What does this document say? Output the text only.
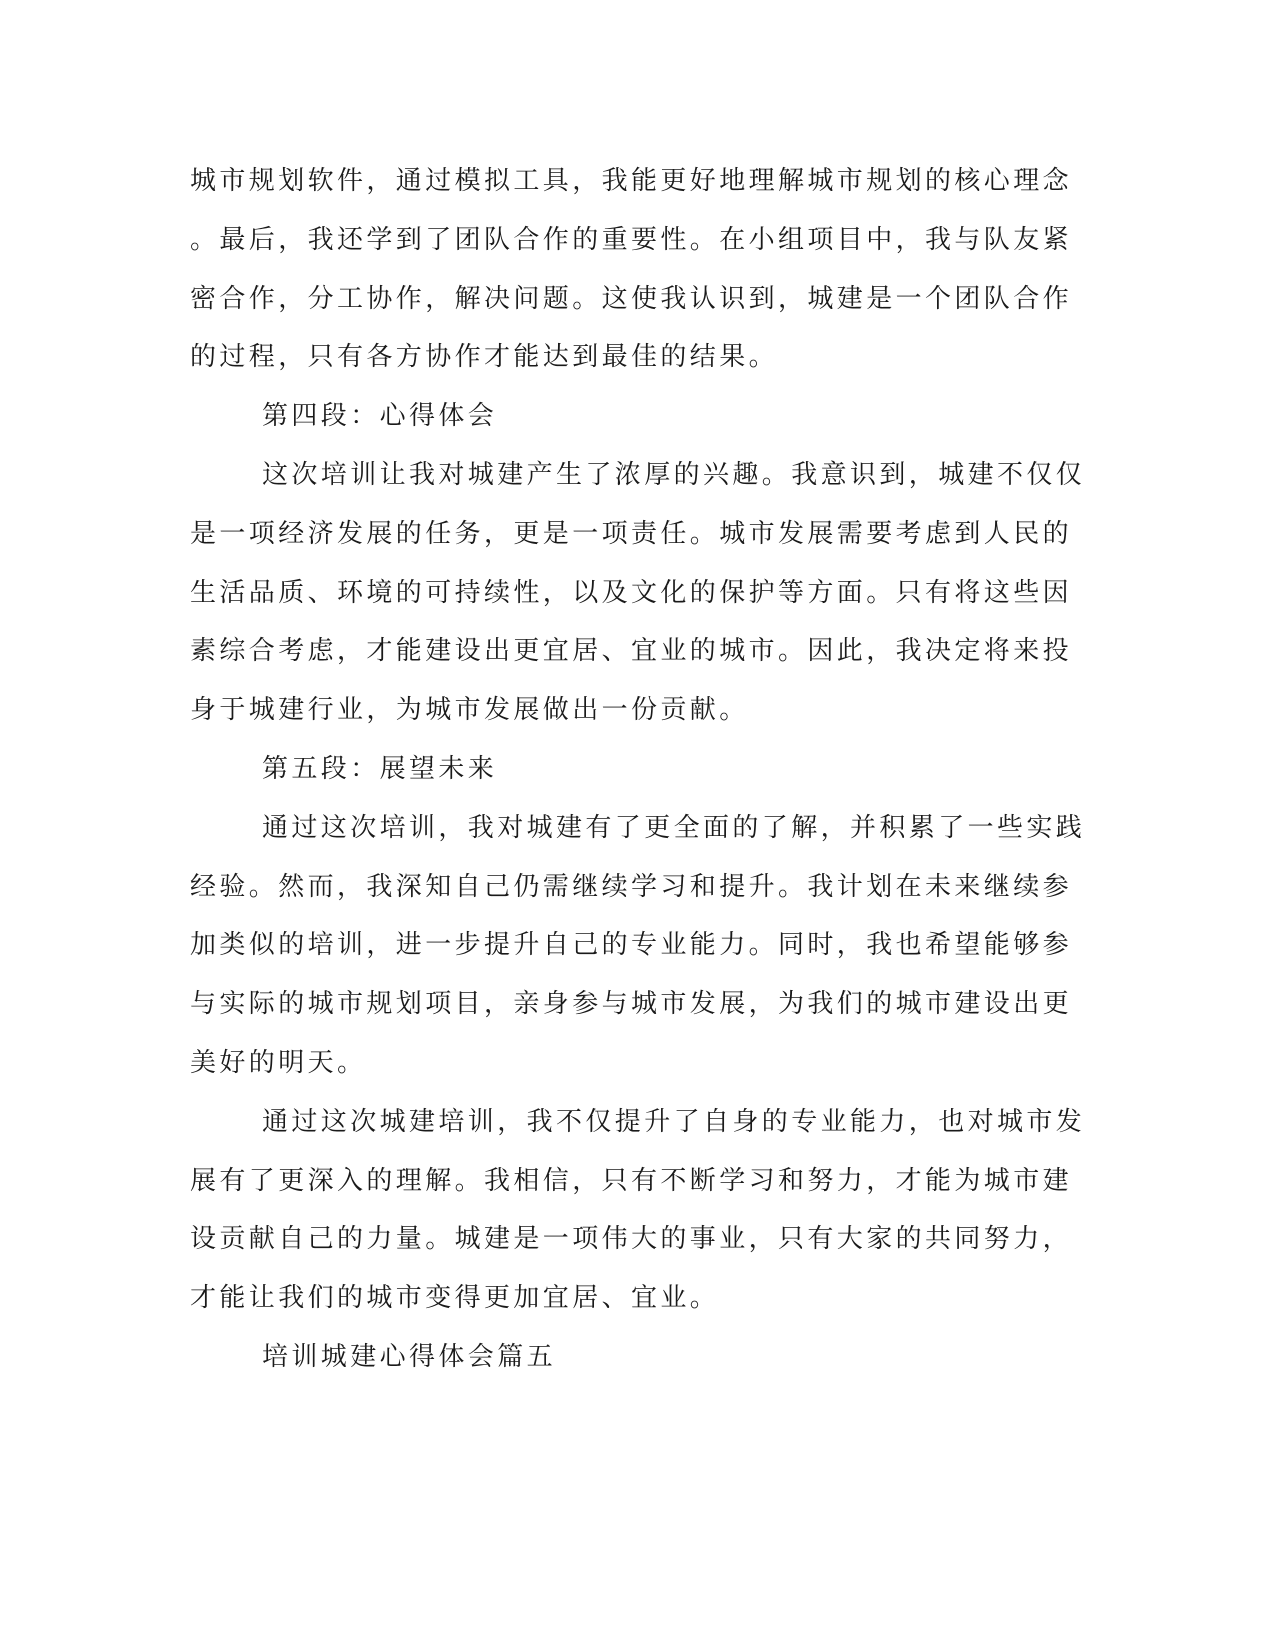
城市规划软件，通过模拟工具，我能更好地理解城市规划的核心理念

。最后，我还学到了团队合作的重要性。在小组项目中，我与队友紧

密合作，分工协作，解决问题。这使我认识到，城建是一个团队合作

的过程，只有各方协作才能达到最佳的结果。

第四段：心得体会

这次培训让我对城建产生了浓厚的兴趣。我意识到，城建不仅仅

是一项经济发展的任务，更是一项责任。城市发展需要考虑到人民的

生活品质、环境的可持续性，以及文化的保护等方面。只有将这些因

素综合考虑，才能建设出更宜居、宜业的城市。因此，我决定将来投

身于城建行业，为城市发展做出一份贡献。

第五段：展望未来

通过这次培训，我对城建有了更全面的了解，并积累了一些实践

经验。然而，我深知自己仍需继续学习和提升。我计划在未来继续参

加类似的培训，进一步提升自己的专业能力。同时，我也希望能够参

与实际的城市规划项目，亲身参与城市发展，为我们的城市建设出更

美好的明天。

通过这次城建培训，我不仅提升了自身的专业能力，也对城市发

展有了更深入的理解。我相信，只有不断学习和努力，才能为城市建

设贡献自己的力量。城建是一项伟大的事业，只有大家的共同努力，

才能让我们的城市变得更加宜居、宜业。

培训城建心得体会篇五
